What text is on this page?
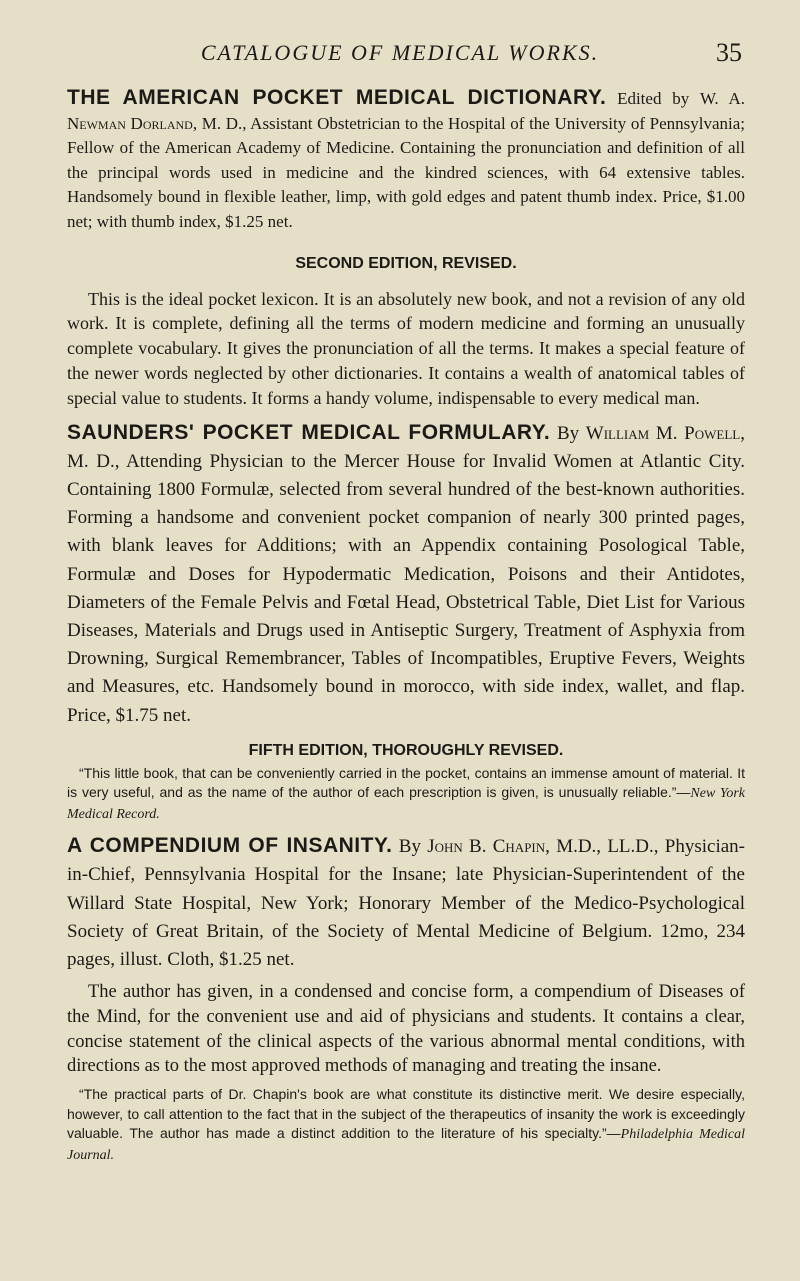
CATALOGUE OF MEDICAL WORKS.	35

THE AMERICAN POCKET MEDICAL DICTIONARY. Edited by W. A. Newman Dorland, M. D., Assistant Obstetrician to the Hospital of the University of Pennsylvania; Fellow of the American Academy of Medicine. Containing the pronunciation and definition of all the principal words used in medicine and the kindred sciences, with 64 extensive tables. Handsomely bound in flexible leather, limp, with gold edges and patent thumb index. Price, $1.00 net; with thumb index, $1.25 net.

SECOND EDITION, REVISED.

This is the ideal pocket lexicon. It is an absolutely new book, and not a revision of any old work. It is complete, defining all the terms of modern medicine and forming an unusually complete vocabulary. It gives the pronunciation of all the terms. It makes a special feature of the newer words neglected by other dictionaries. It contains a wealth of anatomical tables of special value to students. It forms a handy volume, indispensable to every medical man.

SAUNDERS' POCKET MEDICAL FORMULARY. By William M. Powell, M. D., Attending Physician to the Mercer House for Invalid Women at Atlantic City. Containing 1800 Formulæ, selected from several hundred of the best-known authorities. Forming a handsome and convenient pocket companion of nearly 300 printed pages, with blank leaves for Additions; with an Appendix containing Posological Table, Formulæ and Doses for Hypodermatic Medication, Poisons and their Antidotes, Diameters of the Female Pelvis and Fœtal Head, Obstetrical Table, Diet List for Various Diseases, Materials and Drugs used in Antiseptic Surgery, Treatment of Asphyxia from Drowning, Surgical Remembrancer, Tables of Incompatibles, Eruptive Fevers, Weights and Measures, etc. Handsomely bound in morocco, with side index, wallet, and flap. Price, $1.75 net.

FIFTH EDITION, THOROUGHLY REVISED.

“This little book, that can be conveniently carried in the pocket, contains an immense amount of material. It is very useful, and as the name of the author of each prescription is given, is unusually reliable.”—New York Medical Record.

A COMPENDIUM OF INSANITY. By John B. Chapin, M.D., LL.D., Physician-in-Chief, Pennsylvania Hospital for the Insane; late Physician-Superintendent of the Willard State Hospital, New York; Honorary Member of the Medico-Psychological Society of Great Britain, of the Society of Mental Medicine of Belgium. 12mo, 234 pages, illust. Cloth, $1.25 net.

The author has given, in a condensed and concise form, a compendium of Diseases of the Mind, for the convenient use and aid of physicians and students. It contains a clear, concise statement of the clinical aspects of the various abnormal mental conditions, with directions as to the most approved methods of managing and treating the insane.

“The practical parts of Dr. Chapin's book are what constitute its distinctive merit. We desire especially, however, to call attention to the fact that in the subject of the therapeutics of insanity the work is exceedingly valuable. The author has made a distinct addition to the literature of his specialty.”—Philadelphia Medical Journal.
